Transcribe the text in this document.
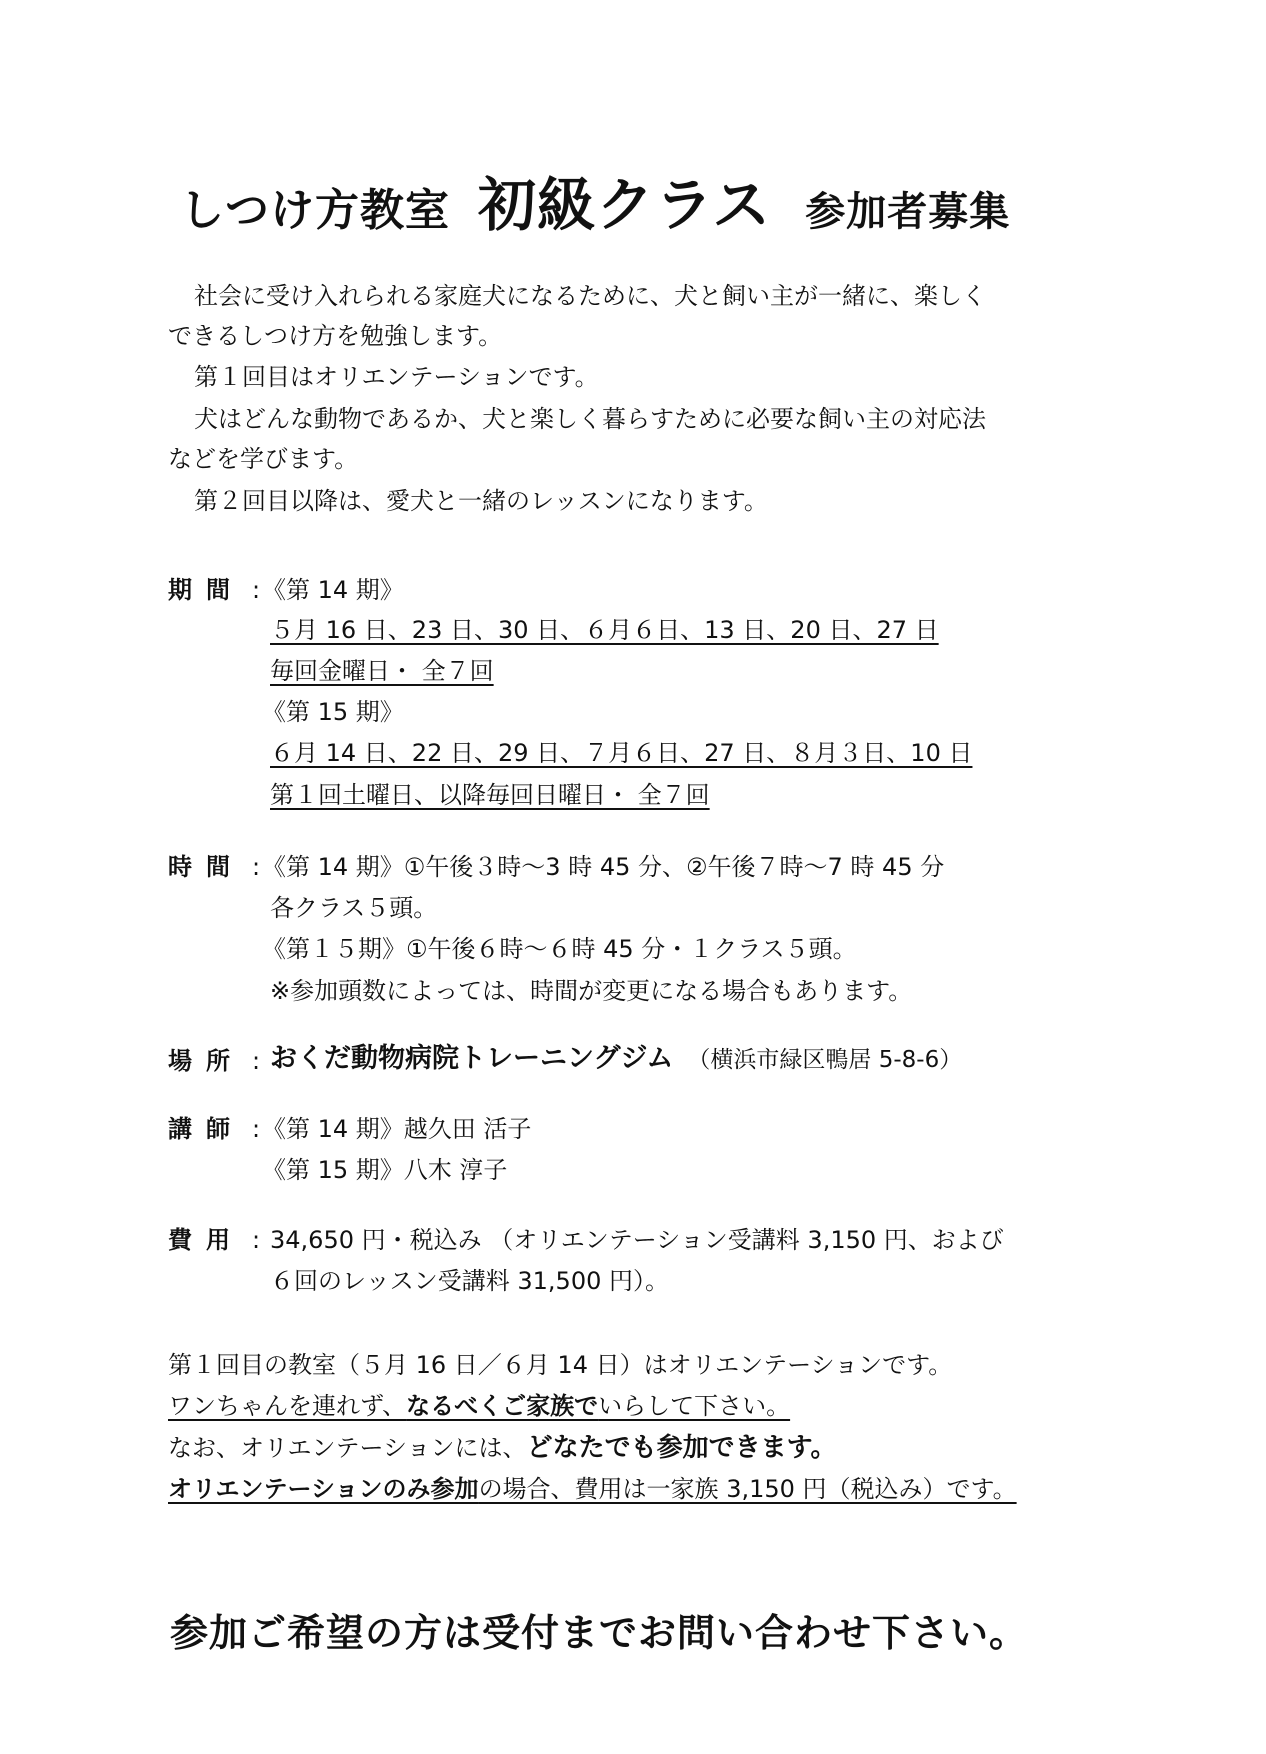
しつけ方教室 初級クラス 参加者募集
社会に受け入れられる家庭犬になるために、犬と飼い主が一緒に、楽しく
できるしつけ方を勉強します。
第１回目はオリエンテーションです。
犬はどんな動物であるか、犬と楽しく暮らすために必要な飼い主の対応法
などを学びます。
第２回目以降は、愛犬と一緒のレッスンになります。
期間 : 《第 14 期》
５月 16 日、23 日、30 日、６月６日、13 日、20 日、27 日
毎回金曜日・ 全７回
《第 15 期》
６月 14 日、22 日、29 日、７月６日、27 日、８月３日、10 日
第１回土曜日、以降毎回日曜日・ 全７回
時間 : 《第 14 期》①午後３時～3 時 45 分、②午後７時～7 時 45 分
各クラス５頭。
《第１５期》①午後６時～６時 45 分・１クラス５頭。
※参加頭数によっては、時間が変更になる場合もあります。
場所 : おくだ動物病院トレーニングジム （横浜市緑区鴨居 5-8-6）
講師 : 《第 14 期》越久田 活子
《第 15 期》八木 淳子
費用 : 34,650 円・税込み （オリエンテーション受講料 3,150 円、および
６回のレッスン受講料 31,500 円）。
第１回目の教室（５月 16 日／６月 14 日）はオリエンテーションです。
ワンちゃんを連れず、なるべくご家族でいらして下さい。
なお、オリエンテーションには、どなたでも参加できます。
オリエンテーションのみ参加の場合、費用は一家族 3,150 円（税込み）です。
参加ご希望の方は受付までお問い合わせ下さい。
